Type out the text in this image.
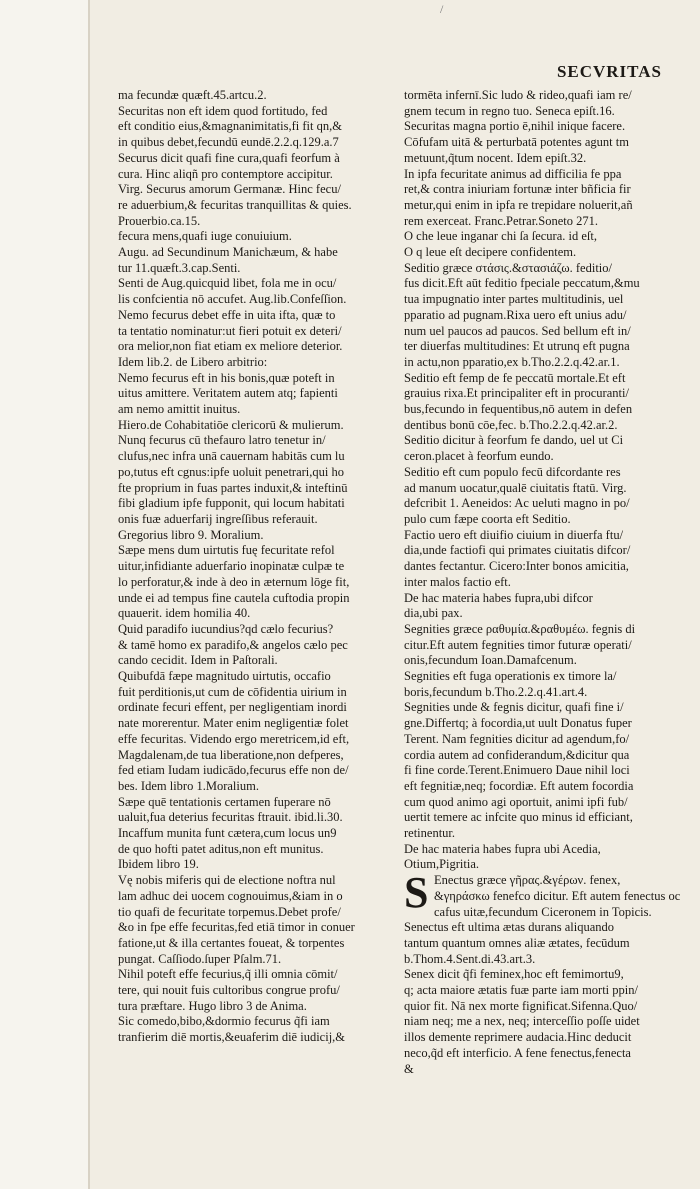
/
SECVRITAS
ma fecundæ quæft.45.artcu.2.
Securitas non eft idem quod fortitudo, fed
eft conditio eius,&magnanimitatis,fi fit qn,&
in quibus debet,fecundū eundē.2.2.q.129.a.7
Securus dicit quafi fine cura,quafi feorfum à
cura. Hinc aliqñ pro contemptore accipitur.
Virg. Securus amorum Germanæ. Hinc fecu/
re aduerbium,& fecuritas tranquillitas & quies.
Prouerbio.ca.15.
fecura mens,quafi iuge conuiuium.
Augu. ad Secundinum Manichæum, & habe
tur 11.quæft.3.cap.Senti.
Senti de Aug.quicquid libet, fola me in ocu/
lis confcientia nō accufet. Aug.lib.Confeſſion.
Nemo fecurus debet effe in uita ifta, quæ to
ta tentatio nominatur:ut fieri potuit ex deteri/
ora melior,non fiat etiam ex meliore deterior.
Idem lib.2. de Libero arbitrio:
Nemo fecurus eft in his bonis,quæ poteft in
uitus amittere. Veritatem autem atq; fapienti
am nemo amittit inuitus.
Hiero.de Cohabitatiōe clericorū & mulierum.
Nunq fecurus cū thefauro latro tenetur in/
clufus,nec infra unā cauernam habitās cum lu
po,tutus eft cgnus:ipfe uoluit penetrari,qui ho
fte proprium in fuas partes induxit,& inteftinū
fibi gladium ipfe fupponit, qui locum habitati
onis fuæ aduerfarij ingreſſibus referauit.
Gregorius libro 9. Moralium.
Sæpe mens dum uirtutis fuę fecuritate refol
uitur,infidiante aduerfario inopinatæ culpæ te
lo perforatur,& inde à deo in æternum lōge fit,
unde ei ad tempus fine cautela cuftodia propin
quauerit. idem homilia 40.
Quid paradifo iucundius?qd cælo fecurius?
& tamē homo ex paradifo,& angelos cælo pec
cando cecidit. Idem in Paſtorali.
Quibufdā fæpe magnitudo uirtutis, occafio
fuit perditionis,ut cum de cōfidentia uirium in
ordinate fecuri effent, per negligentiam inordi
nate morerentur. Mater enim negligentiæ folet
effe fecuritas. Videndo ergo meretricem,id eft,
Magdalenam,de tua liberatione,non defperes,
fed etiam Iudam iudicādo,fecurus effe non de/
bes. Idem libro 1.Moralium.
Sæpe quē tentationis certamen fuperare nō
ualuit,fua deterius fecuritas ftrauit. ibid.li.30.
Incaffum munita funt cætera,cum locus un9
de quo hofti patet aditus,non eft munitus.
Ibidem libro 19.
Vę nobis miferis qui de electione noftra nul
lam adhuc dei uocem cognouimus,&iam in o
tio quafi de fecuritate torpemus.Debet profe/
&o in fpe effe fecuritas,fed etiā timor in conuer
fatione,ut & illa certantes foueat, & torpentes
pungat. Caſſiodo.ſuper Pſalm.71.
Nihil poteft effe fecurius,q̃ illi omnia cōmit/
tere, qui nouit fuis cultoribus congrue profu/
tura præftare. Hugo libro 3 de Anima.
Sic comedo,bibo,&dormio fecurus q̃fi iam
tranfierim diē mortis,&euaferim diē iudicij,&
tormēta infernī.Sic ludo & rideo,quafi iam re/
gnem tecum in regno tuo. Seneca epiſt.16.
Securitas magna portio ē,nihil inique facere.
Cōfufam uitā & perturbatā potentes agunt tm
metuunt,q̃tum nocent. Idem epiſt.32.
In ipfa fecuritate animus ad difficilia fe ppa
ret,& contra iniuriam fortunæ inter bñficia fir
metur,qui enim in ipfa re trepidare noluerit,añ
rem exerceat. Franc.Petrar.Soneto 271.
O che leue inganar chi ſa ſecura. id eſt,
O q leue eſt decipere confidentem.
Seditio græce στάσις.&στασιάζω. feditio/
fus dicit.Eft aūt feditio fpeciale peccatum,&mu
tua impugnatio inter partes multitudinis, uel
pparatio ad pugnam.Rixa uero eft unius adu/
num uel paucos ad paucos. Sed bellum eft in/
ter diuerfas multitudines: Et utrunq eft pugna
in actu,non pparatio,ex b.Tho.2.2.q.42.ar.1.
Seditio eft femp de fe peccatū mortale.Et eft
grauius rixa.Et principaliter eft in procuranti/
bus,fecundo in fequentibus,nō autem in defen
dentibus bonū cōe,fec. b.Tho.2.2.q.42.ar.2.
Seditio dicitur à feorfum fe dando, uel ut Ci
ceron.placet à feorfum eundo.
Seditio eft cum populo fecū difcordante res
ad manum uocatur,qualē ciuitatis ftatū. Virg.
defcribit 1. Aeneidos: Ac ueluti magno in po/
pulo cum fæpe coorta eft Seditio.
Factio uero eft diuifio ciuium in diuerfa ftu/
dia,unde factiofi qui primates ciuitatis difcor/
dantes fectantur. Cicero:Inter bonos amicitia,
inter malos factio eft.
De hac materia habes fupra,ubi difcor
dia,ubi pax.
Segnities græce ραθυμία.&ραθυμέω. fegnis di
citur.Eft autem fegnities timor futuræ operati/
onis,fecundum Ioan.Damafcenum.
Segnities eft fuga operationis ex timore la/
boris,fecundum b.Tho.2.2.q.41.art.4.
Segnities unde & fegnis dicitur, quafi fine i/
gne.Differtq; à focordia,ut uult Donatus fuper
Terent. Nam fegnities dicitur ad agendum,fo/
cordia autem ad confiderandum,&dicitur qua
fi fine corde.Terent.Enimuero Daue nihil loci
eft fegnitiæ,neq; focordiæ. Eft autem focordia
cum quod animo agi oportuit, animi ipfi fub/
uertit temere ac infcite quo minus id efficiant,
retinentur.
De hac materia habes fupra ubi Acedia,
Otium,Pigritia.
S Enectus græce γῆρας.&γέρων. fenex,
&γηράσκω fenefco dicitur. Eft autem fenectus oc
cafus uitæ,fecundum Ciceronem in Topicis.
Senectus eft ultima ætas durans aliquando
tantum quantum omnes aliæ ætates, fecūdum
b.Thom.4.Sent.di.43.art.3.
Senex dicit q̃fi feminex,hoc eft femimortu9,
q; acta maiore ætatis fuæ parte iam morti ppin/
quior fit. Nā nex morte fignificat.Sifenna.Quo/
niam neq; me a nex, neq; interceſſio poſſe uidet
illos demente reprimere audacia.Hinc deducit
neco,q̃d eft interficio. A fene fenectus,fenecta
&
